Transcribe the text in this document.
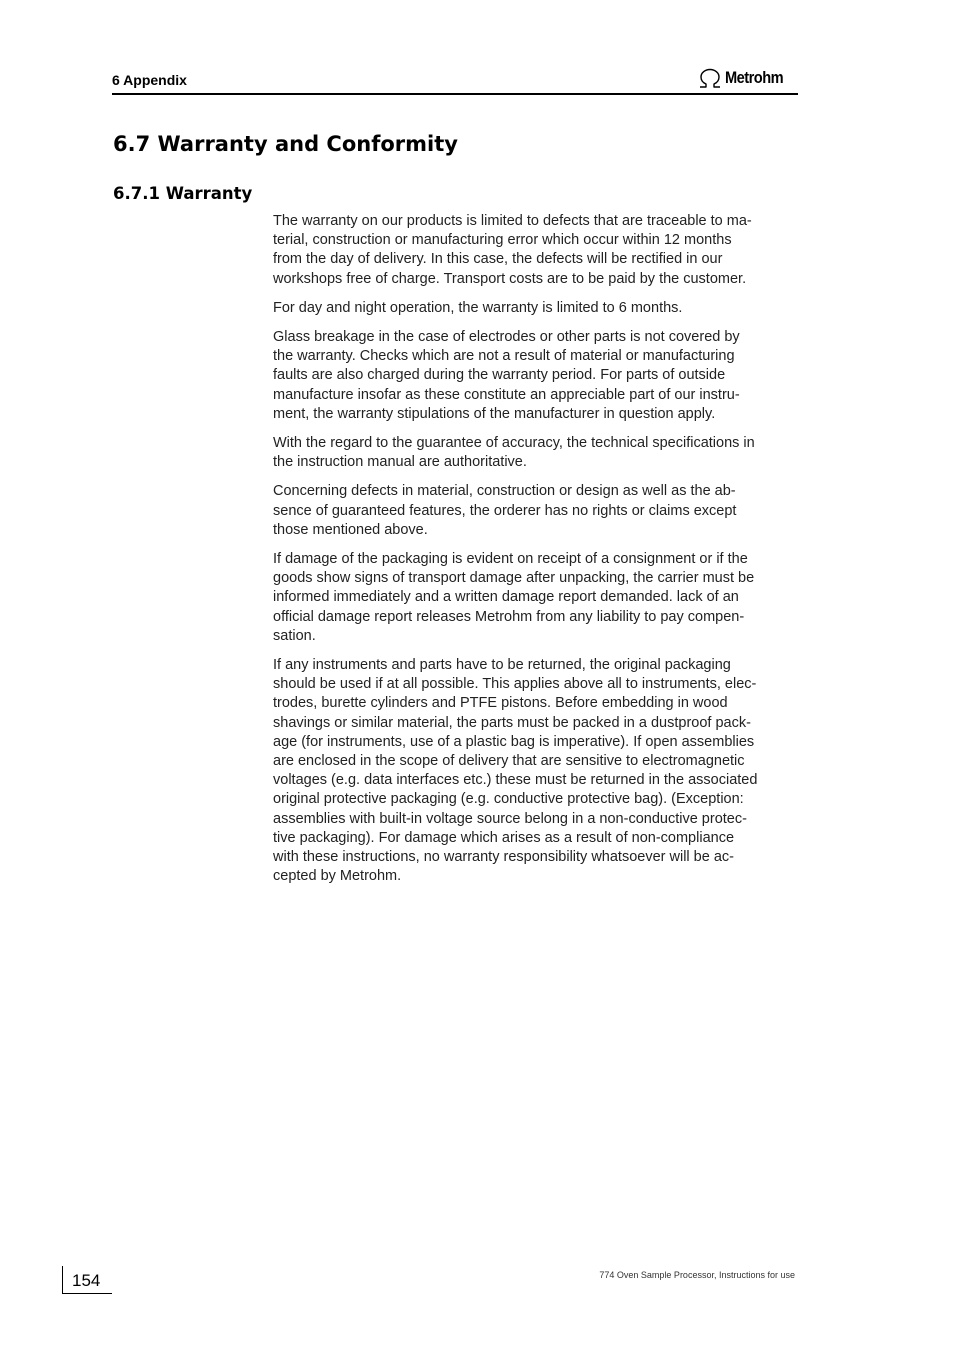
6 Appendix	Metrohm
6.7 Warranty and Conformity
6.7.1 Warranty

The warranty on our products is limited to defects that are traceable to ma-
terial, construction or manufacturing error which occur within 12 months
from the day of delivery. In this case, the defects will be rectified in our
workshops free of charge. Transport costs are to be paid by the customer.

For day and night operation, the warranty is limited to 6 months.

Glass breakage in the case of electrodes or other parts is not covered by
the warranty. Checks which are not a result of material or manufacturing
faults are also charged during the warranty period. For parts of outside
manufacture insofar as these constitute an appreciable part of our instru-
ment, the warranty stipulations of the manufacturer in question apply.

With the regard to the guarantee of accuracy, the technical specifications in
the instruction manual are authoritative.

Concerning defects in material, construction or design as well as the ab-
sence of guaranteed features, the orderer has no rights or claims except
those mentioned above.

If damage of the packaging is evident on receipt of a consignment or if the
goods show signs of transport damage after unpacking, the carrier must be
informed immediately and a written damage report demanded. lack of an
official damage report releases Metrohm from any liability to pay compen-
sation.

If any instruments and parts have to be returned, the original packaging
should be used if at all possible. This applies above all to instruments, elec-
trodes, burette cylinders and PTFE pistons. Before embedding in wood
shavings or similar material, the parts must be packed in a dustproof pack-
age (for instruments, use of a plastic bag is imperative). If open assemblies
are enclosed in the scope of delivery that are sensitive to electromagnetic
voltages (e.g. data interfaces etc.) these must be returned in the associated
original protective packaging (e.g. conductive protective bag). (Exception:
assemblies with built-in voltage source belong in a non-conductive protec-
tive packaging). For damage which arises as a result of non-compliance
with these instructions, no warranty responsibility whatsoever will be ac-
cepted by Metrohm.

154	774 Oven Sample Processor, Instructions for use
